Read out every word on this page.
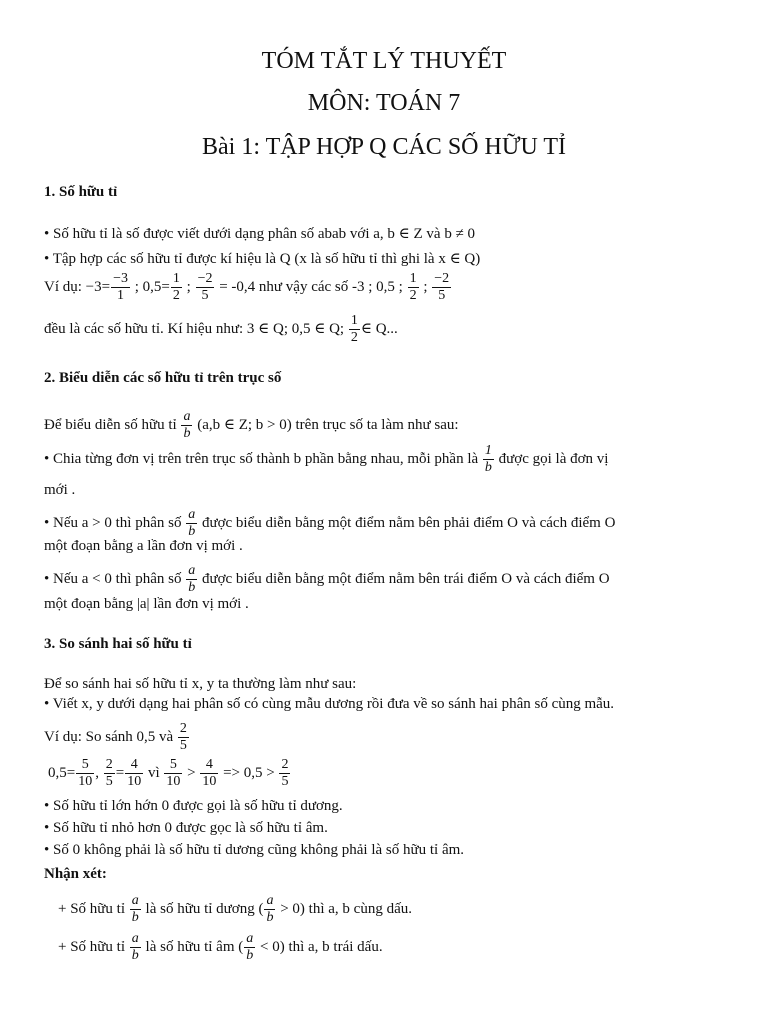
TÓM TẮT LÝ THUYẾT
MÔN: TOÁN 7
Bài 1: TẬP HỢP Q CÁC SỐ HỮU TỈ
1. Số hữu tỉ
• Số hữu tỉ là số được viết dưới dạng phân số abab với a, b ∈ Z và b ≠ 0
• Tập hợp các số hữu tỉ được kí hiệu là Q (x là số hữu tỉ thì ghi là x ∈ Q)
Ví dụ: $-3= \frac{-3}{1}$ ; $0,5= \frac{1}{2}$ ; $\frac{-2}{5} = -0,4$ như vậy các số -3 ; 0,5 ; $\frac{1}{2}$ ; $\frac{-2}{5}$
đều là các số hữu tỉ. Kí hiệu như: 3 ∈ Q; 0,5 ∈ Q; $\frac{1}{2}$ ∈ Q...
2. Biểu diễn các số hữu tỉ trên trục số
Để biểu diễn số hữu tỉ $\frac{a}{b} (a,b$ ∈ Z; b > 0) trên trục số ta làm như sau:
• Chia từng đơn vị trên trên trục số thành b phần bằng nhau, mỗi phần là $\frac{1}{b}$ được gọi là đơn vị
mới .
• Nếu a > 0 thì phân số $\frac{a}{b}$ được biểu diễn bằng một điểm nằm bên phải điểm O và cách điểm O
một đoạn bằng a lần đơn vị mới .
• Nếu a < 0 thì phân số $\frac{a}{b}$ được biểu diễn bằng một điểm nằm bên trái điểm O và cách điểm O
một đoạn bằng |a| lần đơn vị mới .
3. So sánh hai số hữu tỉ
Để so sánh hai số hữu tỉ x, y ta thường làm như sau:
• Viết x, y dưới dạng hai phân số có cùng mẫu dương rồi đưa về so sánh hai phân số cùng mẫu.
Ví dụ: So sánh 0,5 và $\frac{2}{5}$
$0,5= \frac{5}{10}$ , $\frac{2}{5} = \frac{4}{10}$ vì $\frac{5}{10} > \frac{4}{10} => 0,5 > \frac{2}{5}$
• Số hữu tỉ lớn hớn 0 được gọi là số hữu tỉ dương.
• Số hữu tỉ nhỏ hơn 0 được gọc là số hữu tỉ âm.
• Số 0 không phải là số hữu tỉ dương cũng không phải là số hữu tỉ âm.
Nhận xét:
+ Số hữu tỉ $\frac{a}{b}$ là số hữu tỉ dương ( $\frac{a}{b} > 0$) thì a, b cùng dấu.
+ Số hữu tỉ $\frac{a}{b}$ là số hữu tỉ âm ( $\frac{a}{b} < 0$) thì a, b trái dấu.
